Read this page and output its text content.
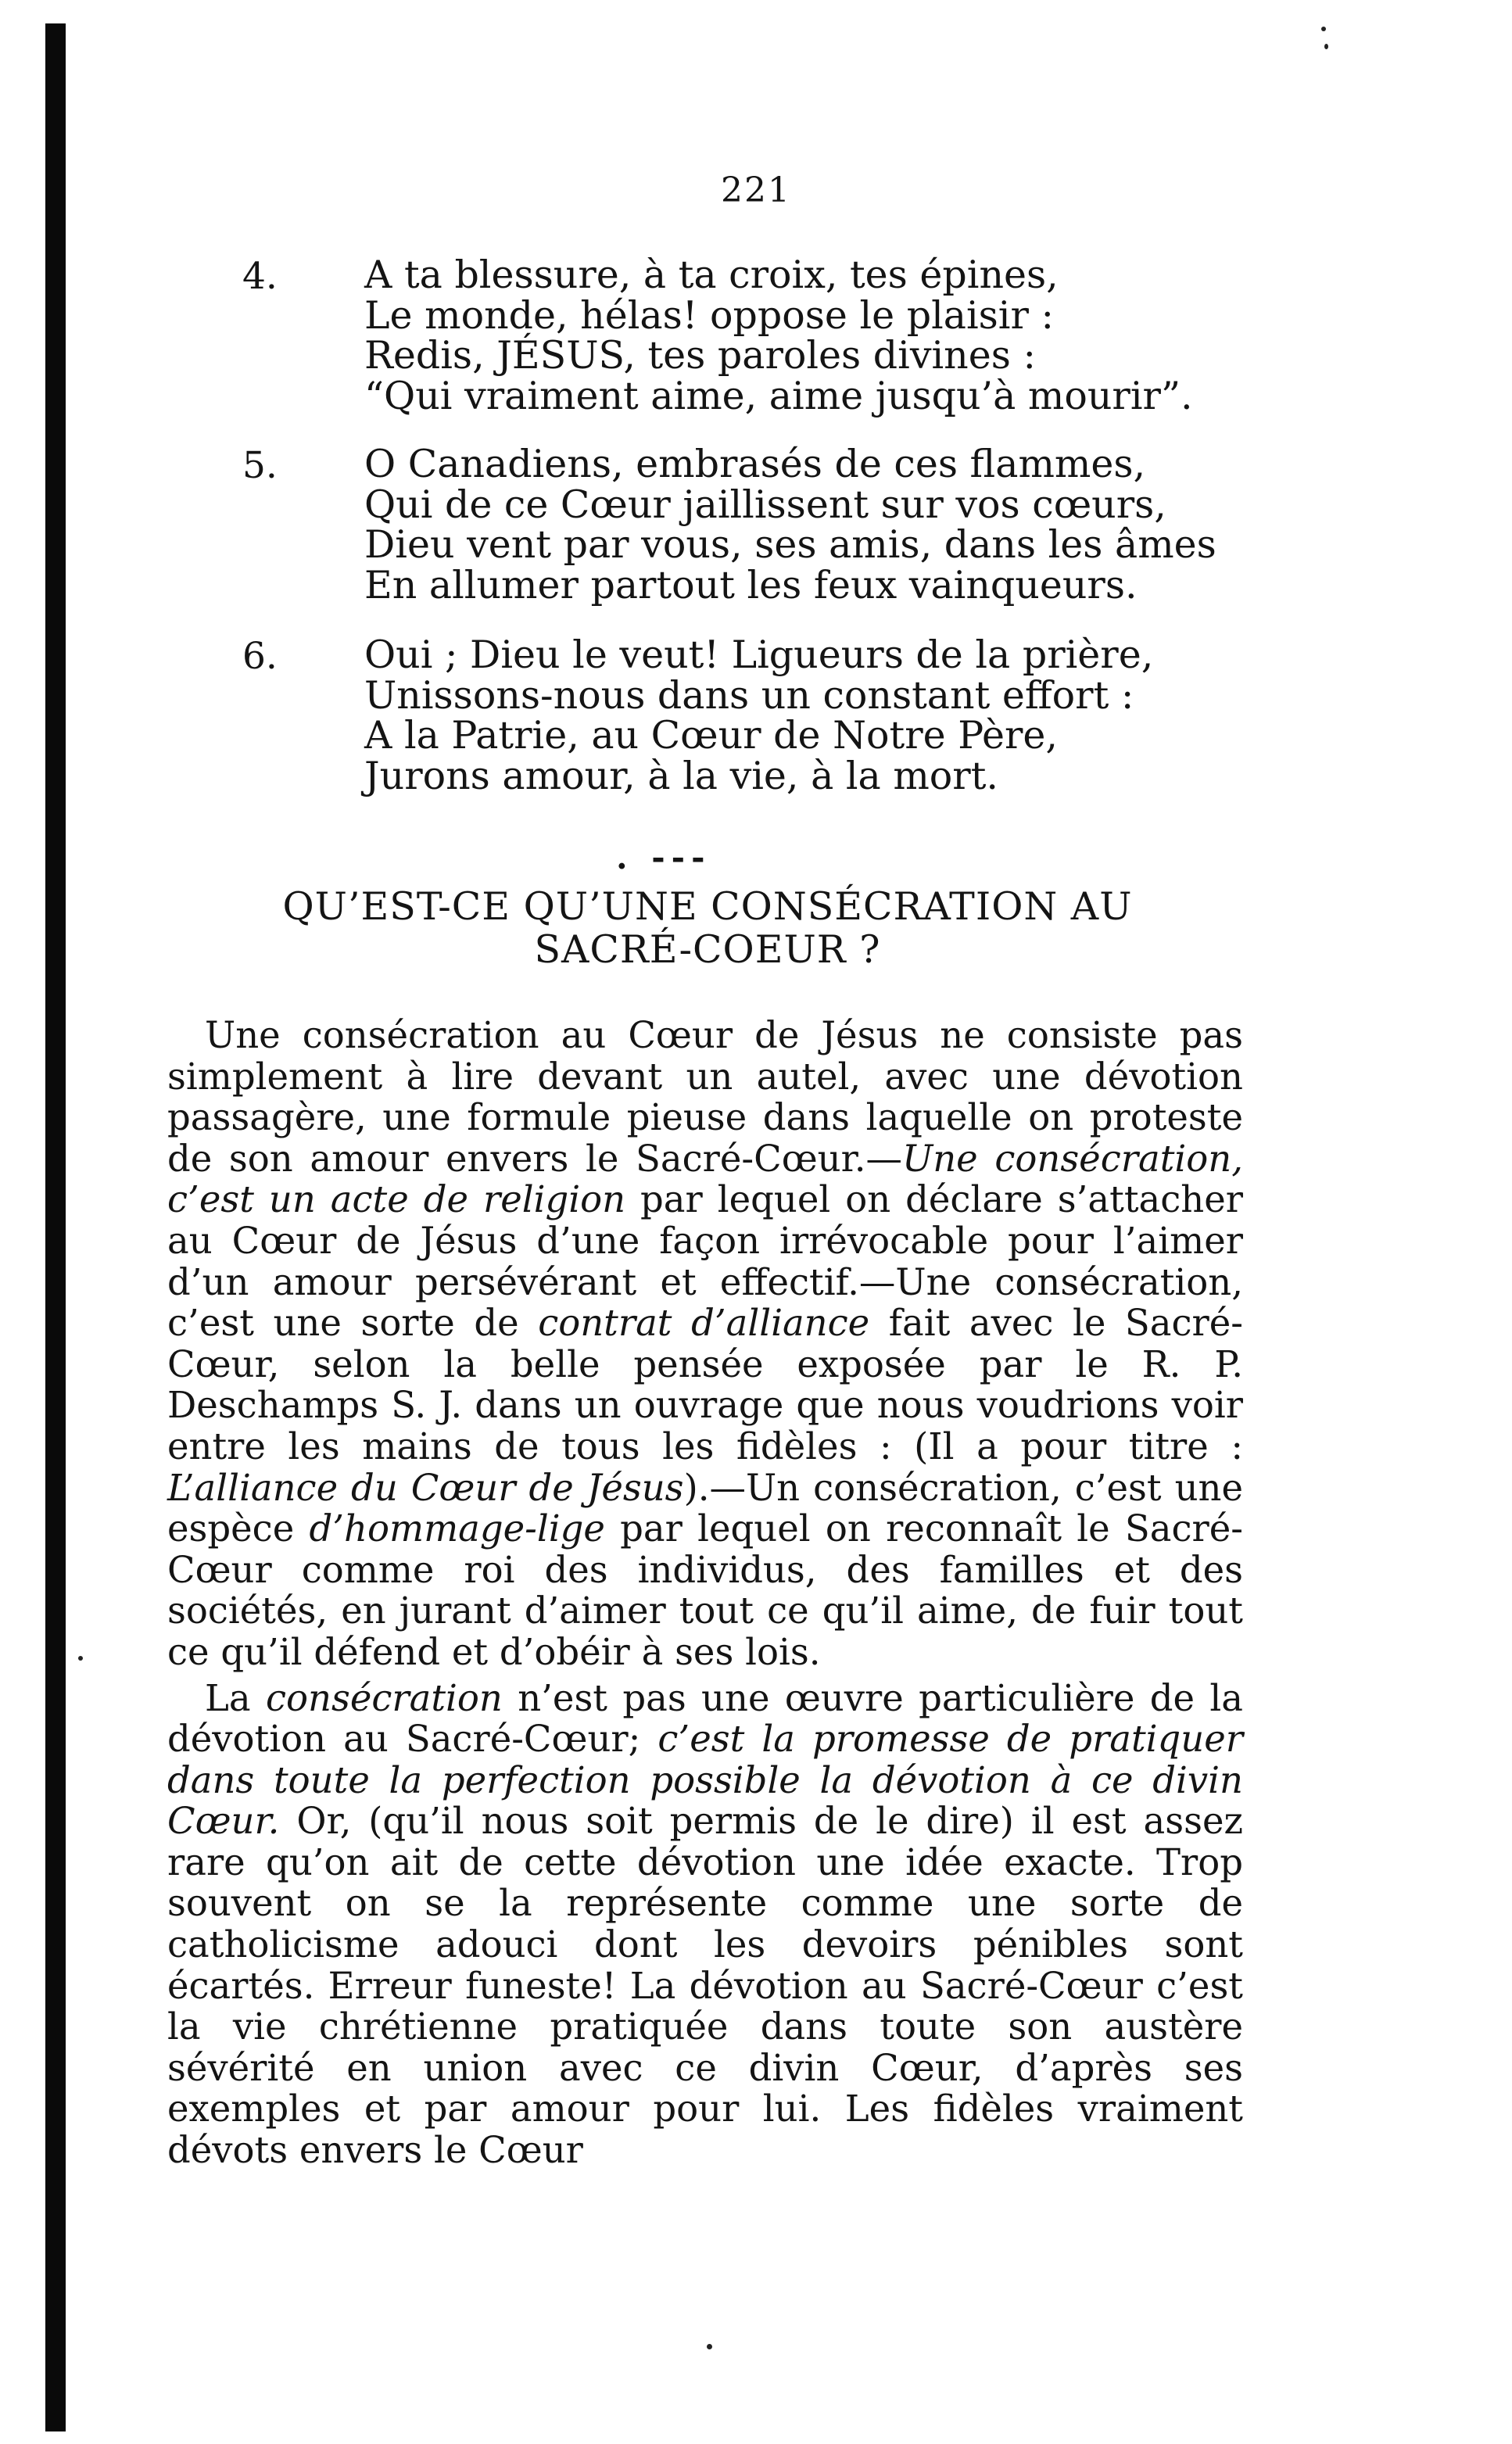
221
4. A ta blessure, à ta croix, tes épines,
Le monde, hélas! oppose le plaisir :
Redis, JÉSUS, tes paroles divines :
“Qui vraiment aime, aime jusqu’à mourir”.
5. O Canadiens, embrasés de ces flammes,
Qui de ce Cœur jaillissent sur vos cœurs,
Dieu vent par vous, ses amis, dans les âmes
En allumer partout les feux vainqueurs.
6. Oui ; Dieu le veut! Ligueurs de la prière,
Unissons-nous dans un constant effort :
A la Patrie, au Cœur de Notre Père,
Jurons amour, à la vie, à la mort.
. ---
QU’EST-CE QU’UNE CONSÉCRATION AU
SACRÉ-COEUR ?

Une consécration au Cœur de Jésus ne consiste pas simplement à lire devant un autel, avec une dévotion passagère, une formule pieuse dans laquelle on proteste de son amour envers le Sacré-Cœur.—Une consécration, c’est un acte de religion par lequel on déclare s’attacher au Cœur de Jésus d’une façon irrévocable pour l’aimer d’un amour persévérant et effectif.—Une consécration, c’est une sorte de contrat d’alliance fait avec le Sacré-Cœur, selon la belle pensée exposée par le R. P. Deschamps S. J. dans un ouvrage que nous voudrions voir entre les mains de tous les fidèles : (Il a pour titre : L’alliance du Cœur de Jésus).—Un consécration, c’est une espèce d’hommage-lige par lequel on reconnaît le Sacré-Cœur comme roi des individus, des familles et des sociétés, en jurant d’aimer tout ce qu’il aime, de fuir tout ce qu’il défend et d’obéir à ses lois.

La consécration n’est pas une œuvre particulière de la dévotion au Sacré-Cœur; c’est la promesse de pratiquer dans toute la perfection possible la dévotion à ce divin Cœur. Or, (qu’il nous soit permis de le dire) il est assez rare qu’on ait de cette dévotion une idée exacte. Trop souvent on se la représente comme une sorte de catholicisme adouci dont les devoirs pénibles sont écartés. Erreur funeste! La dévotion au Sacré-Cœur c’est la vie chrétienne pratiquée dans toute son austère sévérité en union avec ce divin Cœur, d’après ses exemples et par amour pour lui. Les fidèles vraiment dévots envers le Cœur
